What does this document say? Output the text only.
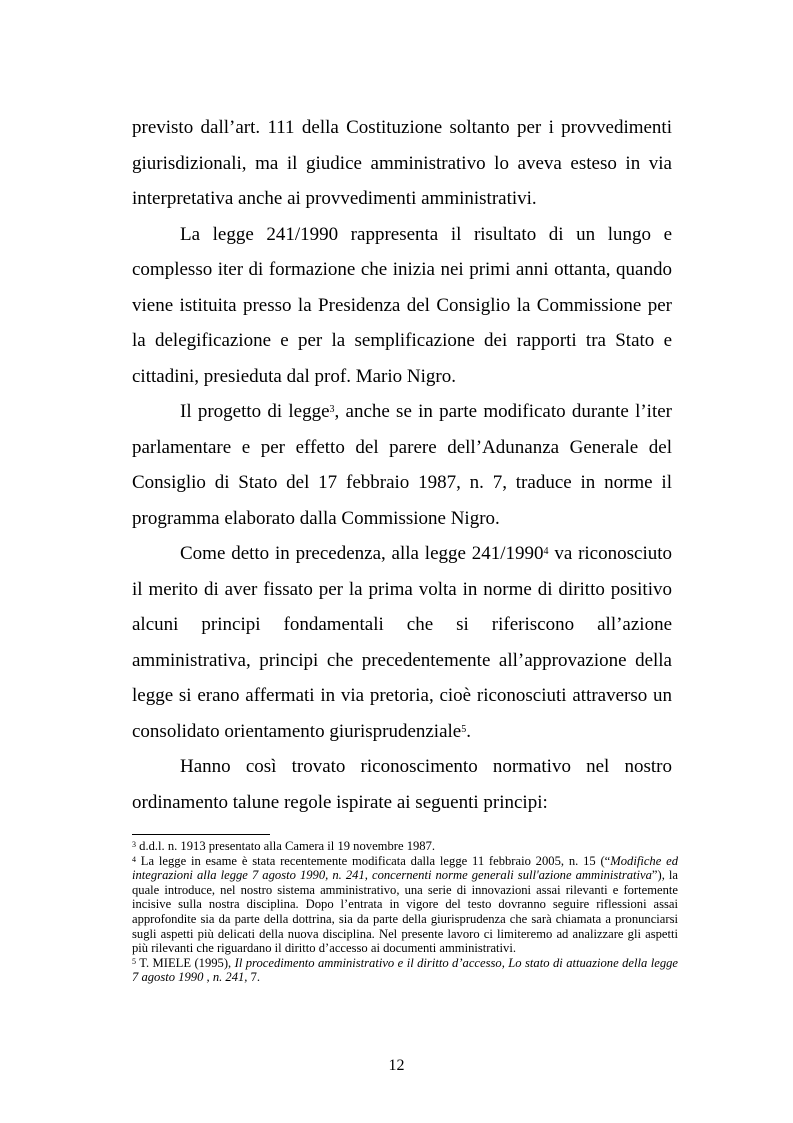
previsto dall’art. 111 della Costituzione soltanto per i provvedimenti giurisdizionali, ma il giudice amministrativo lo aveva esteso in via interpretativa anche ai provvedimenti amministrativi.

La legge 241/1990 rappresenta il risultato di un lungo e complesso iter di formazione che inizia nei primi anni ottanta, quando viene istituita presso la Presidenza del Consiglio la Commissione per la delegificazione e per la semplificazione dei rapporti tra Stato e cittadini, presieduta dal prof. Mario Nigro.

Il progetto di legge$^3$, anche se in parte modificato durante l’iter parlamentare e per effetto del parere dell’Adunanza Generale del Consiglio di Stato del 17 febbraio 1987, n. 7, traduce in norme il programma elaborato dalla Commissione Nigro.

Come detto in precedenza, alla legge 241/1990$^4$ va riconosciuto il merito di aver fissato per la prima volta in norme di diritto positivo alcuni principi fondamentali che si riferiscono all’azione amministrativa, principi che precedentemente all’approvazione della legge si erano affermati in via pretoria, cioè riconosciuti attraverso un consolidato orientamento giurisprudenziale$^5$.

Hanno così trovato riconoscimento normativo nel nostro ordinamento talune regole ispirate ai seguenti principi:

$^3$ d.d.l. n. 1913 presentato alla Camera il 19 novembre 1987.

$^4$ La legge in esame è stata recentemente modificata dalla legge 11 febbraio 2005, n. 15 (“Modifiche ed integrazioni alla legge 7 agosto 1990, n. 241, concernenti norme generali sull'azione amministrativa”), la quale introduce, nel nostro sistema amministrativo, una serie di innovazioni assai rilevanti e fortemente incisive sulla nostra disciplina. Dopo l’entrata in vigore del testo dovranno seguire riflessioni assai approfondite sia da parte della dottrina, sia da parte della giurisprudenza che sarà chiamata a pronunciarsi sugli aspetti più delicati della nuova disciplina. Nel presente lavoro ci limiteremo ad analizzare gli aspetti più rilevanti che riguardano il diritto d’accesso ai documenti amministrativi.

$^5$ T. MIELE (1995), Il procedimento amministrativo e il diritto d’accesso, Lo stato di attuazione della legge 7 agosto 1990 , n. 241, 7.

12
